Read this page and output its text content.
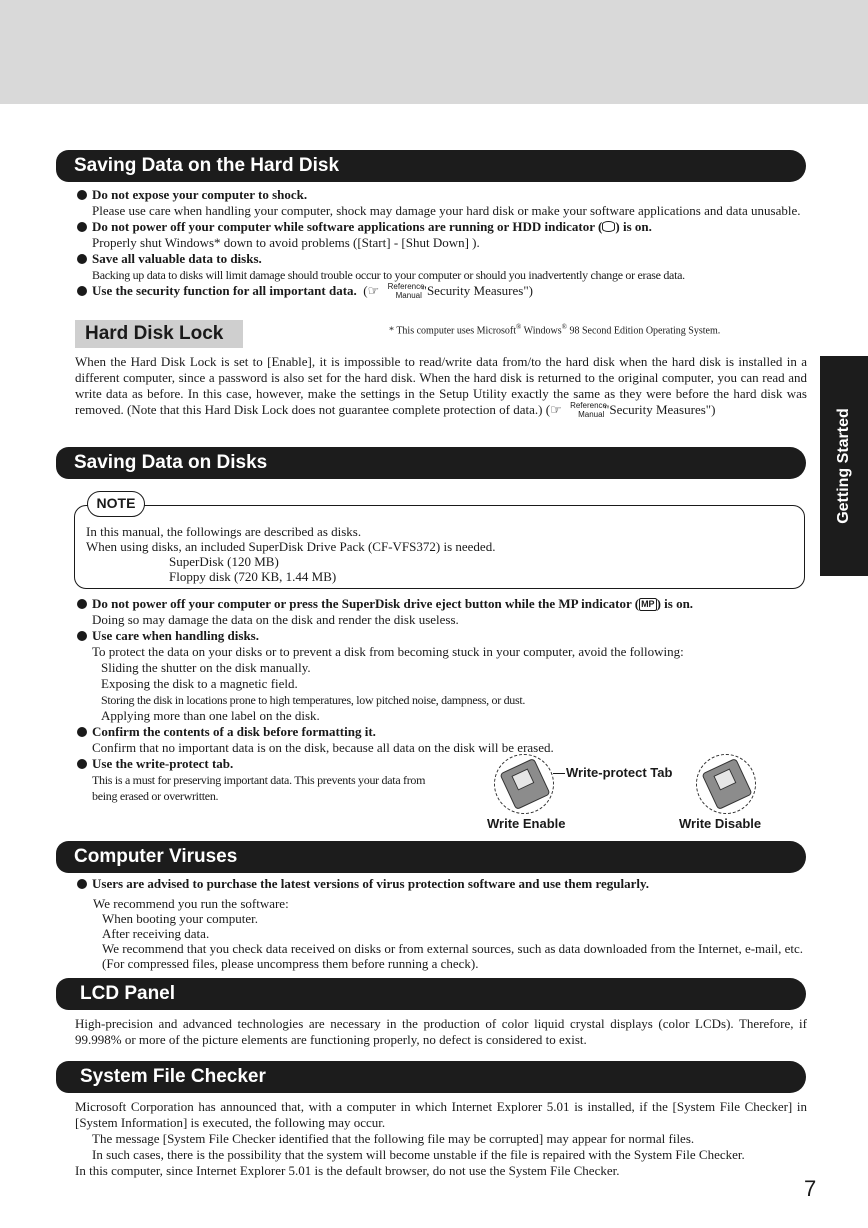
Getting Started
Saving Data on the Hard Disk
Do not expose your computer to shock.
Please use care when handling your computer, shock may damage your hard disk or make your software applications and data unusable.
Do not power off your computer while software applications are running or HDD indicator ( ) is on.
Properly shut Windows* down to avoid problems ([Start] - [Shut Down] ).
Save all valuable data to disks.
Backing up data to disks will limit damage should trouble occur to your computer or should you inadvertently change or erase data.
Use the security function for all important data.  ( ☞ Reference
Manual "Security Measures")
* This computer uses Microsoft® Windows® 98 Second Edition Operating System.
Hard Disk Lock
When the Hard Disk Lock is set to [Enable], it is impossible to read/write data from/to the hard disk when the hard disk is installed in a different computer, since a password is also set for the hard disk. When the hard disk is returned to the original computer, you can read and write data as before. In this case, however, make the settings in the Setup Utility exactly the same as they were before the hard disk was removed. (Note that this Hard Disk Lock does not guarantee complete protection of data.) ( ☞ Reference
Manual "Security Measures")
Saving Data on Disks
NOTE
In this manual, the followings are described as disks.
When using disks, an included SuperDisk Drive Pack (CF-VFS372) is needed.
SuperDisk (120 MB)
Floppy disk (720 KB, 1.44 MB)
Do not power off your computer or press the SuperDisk drive eject button while the MP indicator ( MP ) is on.
Doing so may damage the data on the disk and render the disk useless.
Use care when handling disks.
To protect the data on your disks or to prevent a disk from becoming stuck in your computer, avoid the following:
Sliding the shutter on the disk manually.
Exposing the disk to a magnetic field.
Storing the disk in locations prone to high temperatures, low pitched noise, dampness, or dust.
Applying more than one label on the disk.
Confirm the contents of a disk before formatting it.
Confirm that no important data is on the disk, because all data on the disk will be erased.
Use the write-protect tab.
This is a must for preserving important data. This prevents your data from
being erased or overwritten.
Write-protect Tab
Write Enable	Write Disable
Computer Viruses
Users are advised to purchase the latest versions of virus protection software and use them regularly.
We recommend you run the software:
When booting your computer.
After receiving data.
We recommend that you check data received on disks or from external sources, such as data downloaded from the Internet, e-mail, etc. (For compressed files, please uncompress them before running a check).
LCD Panel
High-precision and advanced technologies are necessary in the production of color liquid crystal displays (color LCDs). Therefore, if 99.998% or more of the picture elements are functioning properly, no defect is considered to exist.
System File Checker
Microsoft Corporation has announced that, with a computer in which Internet Explorer 5.01 is installed, if the [System File Checker] in [System Information] is executed, the following may occur.
The message [System File Checker identified that the following file may be corrupted] may appear for normal files.
In such cases, there is the possibility that the system will become unstable if the file is repaired with the System File Checker.
In this computer, since Internet Explorer 5.01 is the default browser, do not use the System File Checker.
7
